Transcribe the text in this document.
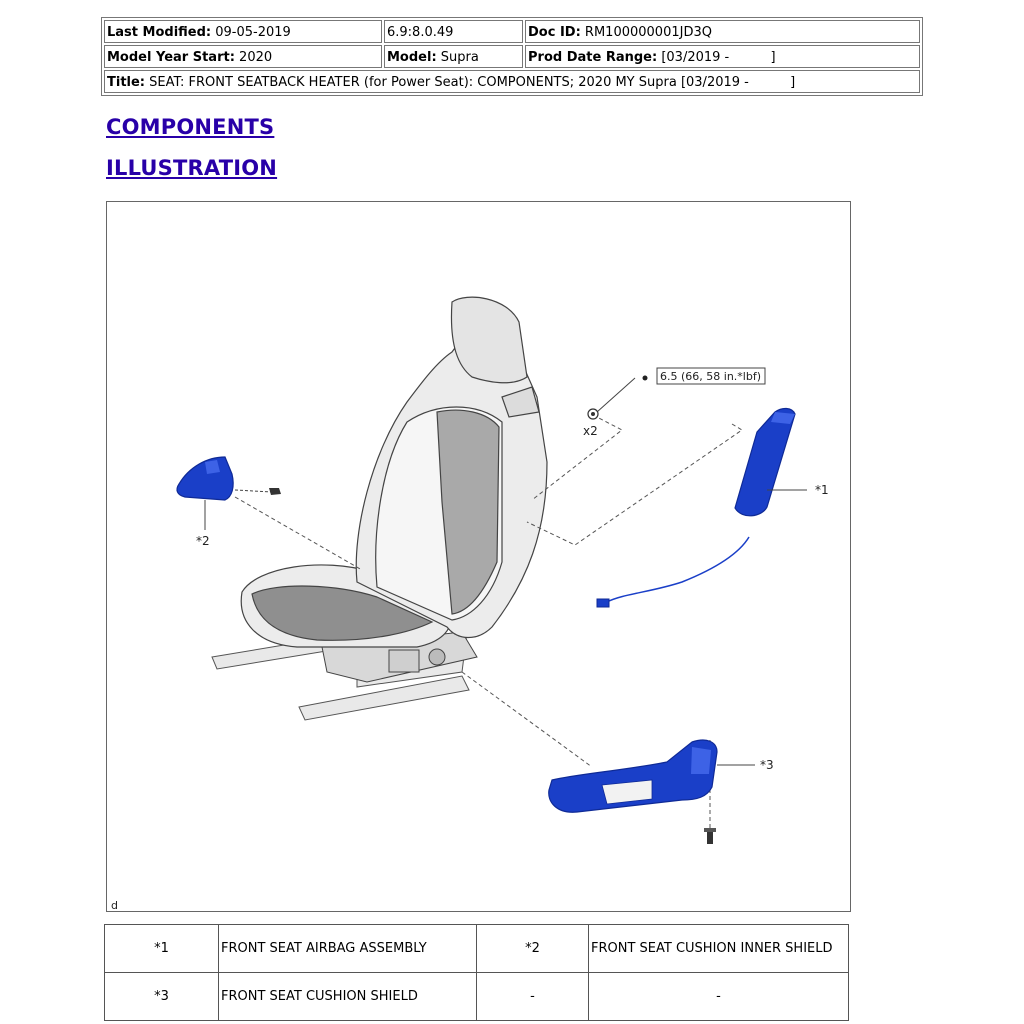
Last Modified: 09-05-2019	6.9:8.0.49	Doc ID: RM100000001JD3Q
Model Year Start: 2020	Model: Supra	Prod Date Range: [03/2019 -          ]
Title: SEAT: FRONT SEATBACK HEATER (for Power Seat): COMPONENTS; 2020 MY Supra [03/2019 -          ]		
COMPONENTS
ILLUSTRATION
6.5 (66, 58 in.*lbf)
x2
*1
*2
*3
d
*1	FRONT SEAT AIRBAG ASSEMBLY	*2	FRONT SEAT CUSHION INNER SHIELD
*3	FRONT SEAT CUSHION SHIELD	-	-
